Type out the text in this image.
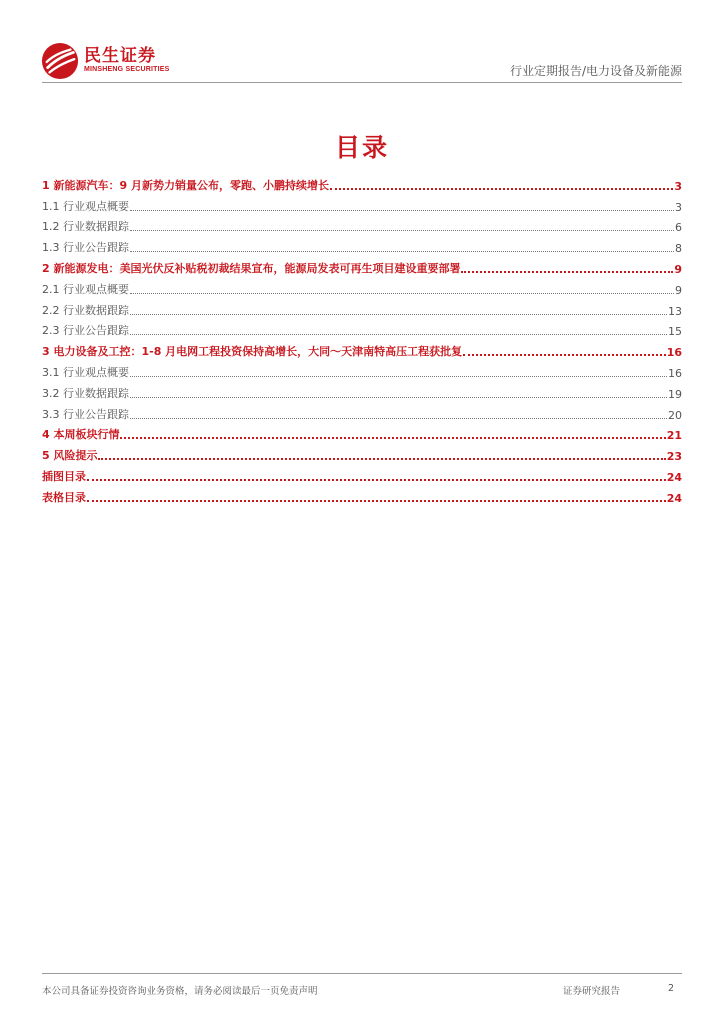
民生证券
MINSHENG SECURITIES	行业定期报告/电力设备及新能源
目录
1 新能源汽车：9 月新势力销量公布，零跑、小鹏持续增长	3
1.1 行业观点概要	3
1.2 行业数据跟踪	6
1.3 行业公告跟踪	8
2 新能源发电：美国光伏反补贴税初裁结果宣布，能源局发表可再生项目建设重要部署	9
2.1 行业观点概要	9
2.2 行业数据跟踪	13
2.3 行业公告跟踪	15
3 电力设备及工控：1-8 月电网工程投资保持高增长，大同～天津南特高压工程获批复	16
3.1 行业观点概要	16
3.2 行业数据跟踪	19
3.3 行业公告跟踪	20
4 本周板块行情	21
5 风险提示	23
插图目录	24
表格目录	24
本公司具备证券投资咨询业务资格，请务必阅读最后一页免责声明	证券研究报告	2
